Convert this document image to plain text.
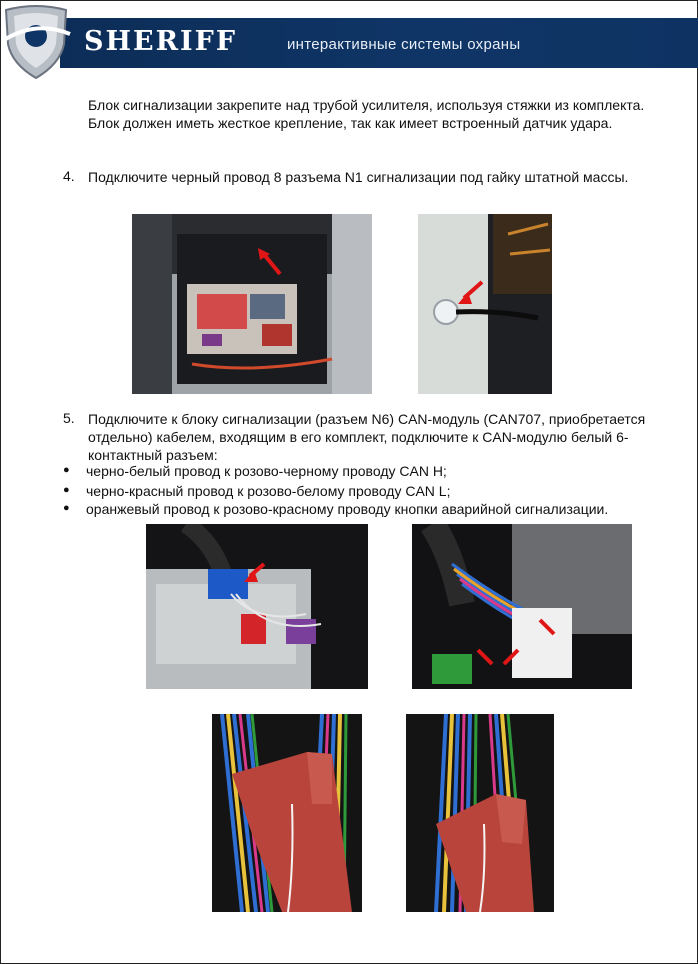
SHERIFF	интерактивные системы охраны
Блок сигнализации закрепите над трубой усилителя, используя стяжки из комплекта. Блок должен иметь жесткое крепление, так как имеет встроенный датчик удара.
4. Подключите черный провод 8 разъема N1 сигнализации под гайку штатной массы.
5. Подключите к блоку сигнализации (разъем N6) CAN-модуль (CAN707, приобретается отдельно) кабелем, входящим в его комплект, подключите к CAN-модулю белый 6-контактный разъем:
● черно-белый провод к розово-черному проводу CAN H;
● черно-красный провод к розово-белому проводу CAN L;
● оранжевый провод к розово-красному проводу кнопки аварийной сигнализации.
